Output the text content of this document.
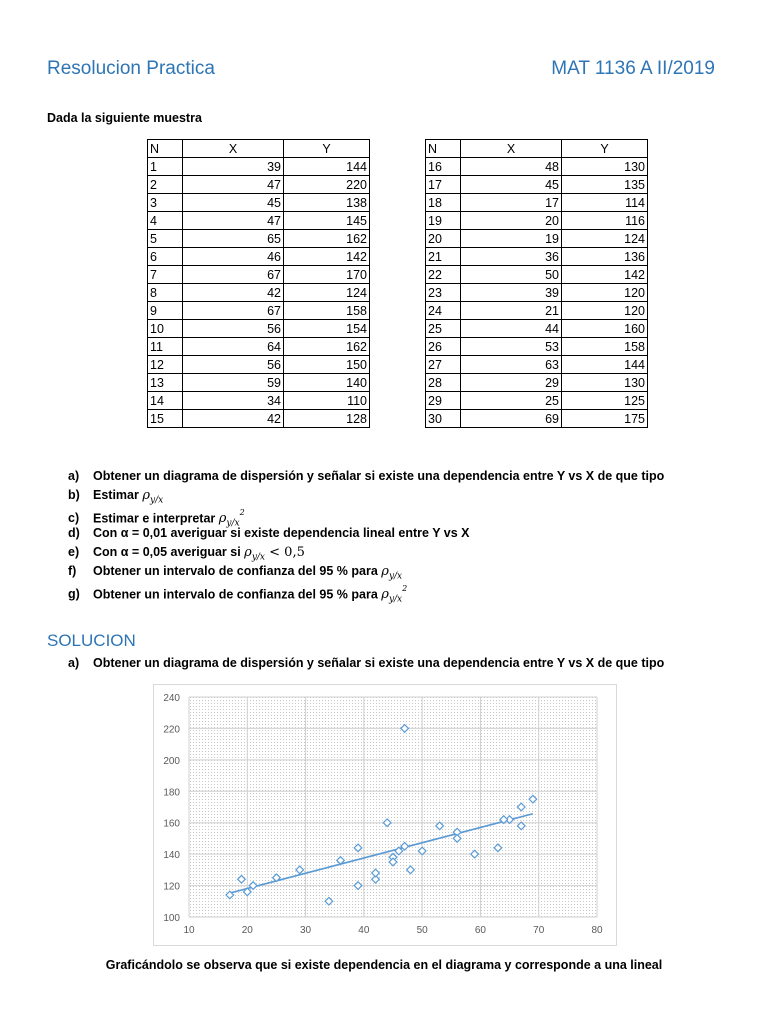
Resolucion Practica	MAT 1136 A II/2019
Dada la siguiente muestra
N	X	Y
1	39	144
2	47	220
3	45	138
4	47	145
5	65	162
6	46	142
7	67	170
8	42	124
9	67	158
10	56	154
11	64	162
12	56	150
13	59	140
14	34	110
15	42	128
N	X	Y
16	48	130
17	45	135
18	17	114
19	20	116
20	19	124
21	36	136
22	50	142
23	39	120
24	21	120
25	44	160
26	53	158
27	63	144
28	29	130
29	25	125
30	69	175
a) Obtener un diagrama de dispersión y señalar si existe una dependencia entre Y vs X de que tipo
b) Estimar $\rho_{y/x}$
c) Estimar e interpretar $\rho_{y/x}^2$
d) Con α = 0,01 averiguar si existe dependencia lineal entre Y vs X
e) Con α = 0,05 averiguar si $\rho_{y/x} < 0,5$
f) Obtener un intervalo de confianza del 95 % para $\rho_{y/x}$
g) Obtener un intervalo de confianza del 95 % para $\rho_{y/x}^2$
SOLUCION
a) Obtener un diagrama de dispersión y señalar si existe una dependencia entre Y vs X de que tipo
100
120
140
160
180
200
220
240
10	20	30	40	50	60	70	80
Graficándolo se observa que si existe dependencia en el diagrama y corresponde a una lineal
